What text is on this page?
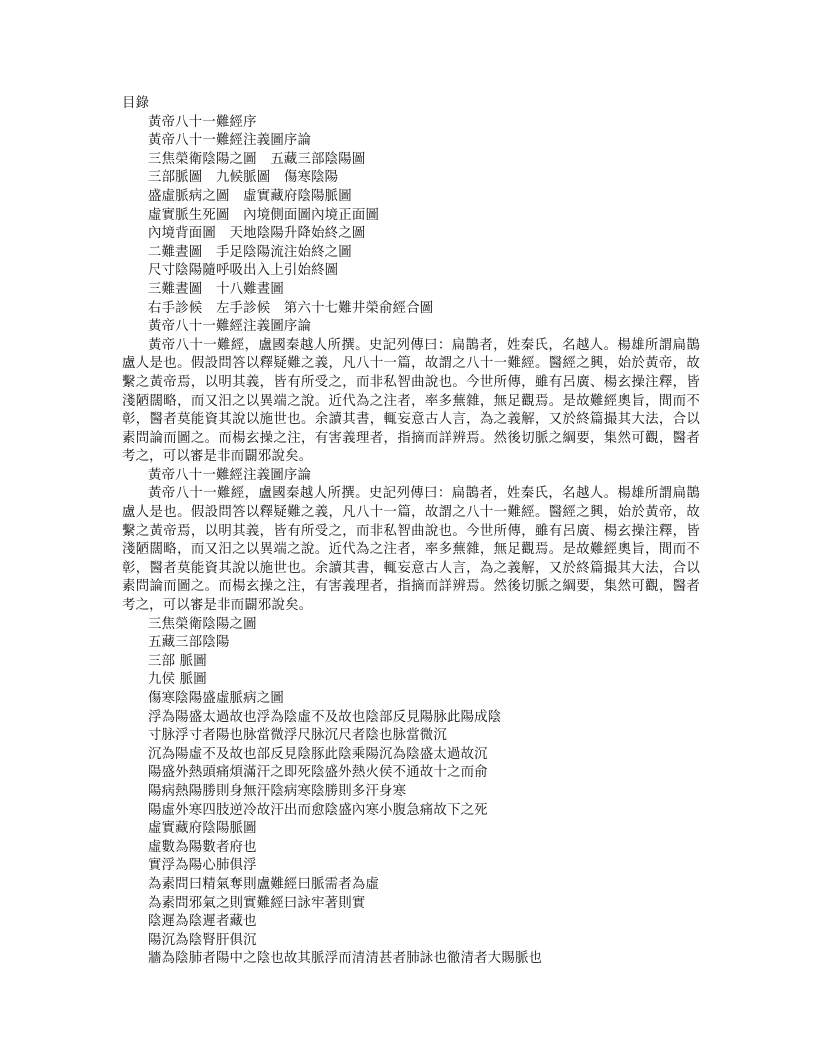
目錄
黃帝八十一難經序
黃帝八十一難經注義圖序論
三焦榮衛陰陽之圖　五藏三部陰陽圖
三部脈圖　九候脈圖　傷寒陰陽
盛虛脈病之圖　虛實藏府陰陽脈圖
虛實脈生死圖　內境側面圖內境正面圖
內境背面圖　天地陰陽升降始終之圖
二難晝圖　手足陰陽流注始終之圖
尺寸陰陽隨呼吸出入上引始終圖
三難晝圖　十八難晝圖
右手診候　左手診候　第六十七難井榮俞經合圖
黃帝八十一難經注義圖序論
黃帝八十一難經，盧國秦越人所撰。史記列傳曰：扁鵲者，姓秦氏，名越人。楊雄所謂扁鵲盧人是也。假設問答以釋疑難之義，凡八十一篇，故謂之八十一難經。醫經之興，始於黃帝，故繫之黃帝焉，以明其義，皆有所受之，而非私智曲說也。今世所傳，雖有呂廣、楊玄操注釋，皆淺陋闊略，而又汨之以異端之說。近代為之注者，率多蕪雜，無足觀焉。是故難經奧旨，間而不彰，醫者莫能資其說以施世也。余讀其書，輒妄意古人言，為之義解，又於終篇撮其大法，合以素問論而圖之。而楊玄操之注，有害義理者，指摘而詳辨焉。然後切脈之綱要，集然可觀，醫者考之，可以審是非而闢邪說矣。
黃帝八十一難經注義圖序論
黃帝八十一難經，盧國秦越人所撰。史記列傳曰：扁鵲者，姓秦氏，名越人。楊雄所謂扁鵲盧人是也。假設問答以釋疑難之義，凡八十一篇，故謂之八十一難經。醫經之興，始於黃帝，故繫之黃帝焉，以明其義，皆有所受之，而非私智曲說也。今世所傳，雖有呂廣、楊玄操注釋，皆淺陋闊略，而又汨之以異端之說。近代為之注者，率多蕪雜，無足觀焉。是故難經奧旨，間而不彰，醫者莫能資其說以施世也。余讀其書，輒妄意古人言，為之義解，又於終篇撮其大法，合以素問論而圖之。而楊玄操之注，有害義理者，指摘而詳辨焉。然後切脈之綱要，集然可觀，醫者考之，可以審是非而闢邪說矣。
三焦榮衛陰陽之圖
五藏三部陰陽
三部 脈圖
九侯 脈圖
傷寒陰陽盛虛脈病之圖
浮為陽盛太過故也浮為陰虛不及故也陰部反見陽脉此陽成陰
寸脉浮寸者陽也脉當微浮尺脉沉尺者陰也脉當微沉
沉為陽虛不及故也部反見陰豚此陰乘陽沉為陰盛太過故沉
陽盛外熱頭痛煩滿汗之即死陰盛外熱火侯不通故十之而俞
陽病熱陽勝則身無汗陰病寒陰勝則多汗身寒
陽虛外寒四肢逆冷故汗出而愈陰盛內寒小腹急痛故下之死
虛實藏府陰陽脈圖
虛數為陽數者府也
實浮為陽心肺俱浮
為素問曰精氣奪則盧難經曰脈需者為虛
為素問邪氣之則實難經曰詠牢著則實
陰遲為陰遲者藏也
陽沉為陰腎肝俱沉
牆為陰肺者陽中之陰也故其脈浮而清清甚者肺詠也徹清者大賜脈也
